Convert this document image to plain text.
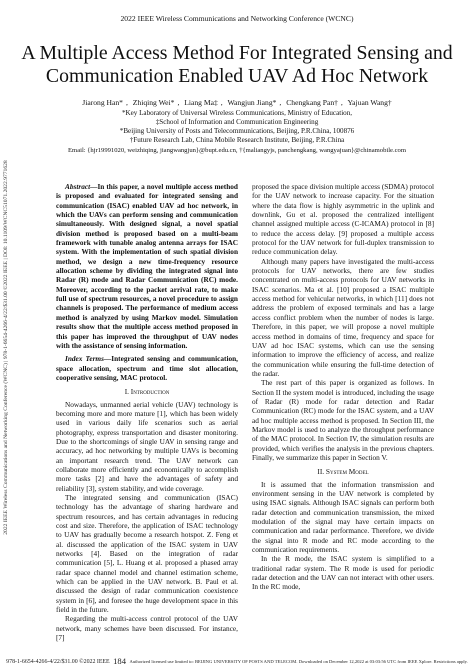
2022 IEEE Wireless Communications and Networking Conference (WCNC)
A Multiple Access Method For Integrated Sensing and Communication Enabled UAV Ad Hoc Network
Jiarong Han* , Zhiqing Wei* , Liang Ma‡ , Wangjun Jiang* , Chengkang Pan† , Yajuan Wang†
*Key Laboratory of Universal Wireless Communications, Ministry of Education,
‡School of Information and Communication Engineering
*Beijing University of Posts and Telecommunications, Beijing, P.R.China, 100876
†Future Research Lab, China Mobile Research Institute, Beijing, P.R.China
Email: {hjr19991020, weizhiqing, jiangwangjun}@bupt.edu.cn, †{maliangyjs, panchengkang, wangyajuan}@chinamobile.com
2022 IEEE Wireless Communications and Networking Conference (WCNC) | 978-1-6654-4266-4/22/$31.00 ©2022 IEEE | DOI: 10.1109/WCNC51071.2022.9771628	Abstract—In this paper, a novel multiple access method is proposed and evaluated for integrated sensing and communication (ISAC) enabled UAV ad hoc network, in which the UAVs can perform sensing and communication simultaneously. With designed signal, a novel spatial division method is proposed based on a multi-beam framework with tunable analog antenna arrays for ISAC system. With the implementation of such spatial division method, we design a new time-frequency resource allocation scheme by dividing the integrated signal into Radar (R) mode and Radar Communication (RC) mode. Moreover, according to the packet arrival rate, to make full use of spectrum resources, a novel procedure to assign channels is proposed. The performance of medium access method is analyzed by using Markov model. Simulation results show that the multiple access method proposed in this paper has improved the throughput of UAV nodes with the assistance of sensing information.

Index Terms—Integrated sensing and communication, space allocation, spectrum and time slot allocation, cooperative sensing, MAC protocol.

I. Introduction

Nowadays, unmanned aerial vehicle (UAV) technology is becoming more and more mature [1], which has been widely used in various daily life scenarios such as aerial photography, express transportation and disaster monitoring. Due to the shortcomings of single UAV in sensing range and accuracy, ad hoc networking by multiple UAVs is becoming an important research trend. The UAV network can collaborate more efficiently and economically to accomplish more tasks [2] and have the advantages of safety and reliability [3], system stability, and wide coverage.

The integrated sensing and communication (ISAC) technology has the advantage of sharing hardware and spectrum resources, and has certain advantages in reducing cost and size. Therefore, the application of ISAC technology to UAV has gradually become a research hotspot. Z. Feng et al. discussed the application of the ISAC system in UAV networks [4]. Based on the integration of radar communication [5], L. Huang et al. proposed a phased array radar space channel model and channel estimation scheme, which can be applied in the UAV network. B. Paul et al. discussed the design of radar communication coexistence system in [6], and foresee the huge development space in this field in the future.

Regarding the multi-access control protocol of the UAV network, many schemes have been discussed. For instance, [7]

proposed the space division multiple access (SDMA) protocol for the UAV network to increase capacity. For the situation where the data flow is highly asymmetric in the uplink and downlink, Gu et al. proposed the centralized intelligent channel assigned multiple access (C-ICAMA) protocol in [8] to reduce the access delay. [9] proposed a multiple access protocol for the UAV network for full-duplex transmission to reduce communication delay.

Although many papers have investigated the multi-access protocols for UAV networks, there are few studies concentrated on multi-access protocols for UAV networks in ISAC scenarios. Ma et al. [10] proposed a ISAC multiple access method for vehicular networks, in which [11] does not address the problem of exposed terminals and has a large access conflict problem when the number of nodes is large. Therefore, in this paper, we will propose a novel multiple access method in domains of time, frequency and space for UAV ad hoc ISAC systems, which can use the sensing information to improve the efficiency of access, and realize the communication while ensuring the full-time detection of the radar.

The rest part of this paper is organized as follows. In Section II the system model is introduced, including the usage of Radar (R) mode for radar detection and Radar Communication (RC) mode for the ISAC system, and a UAV ad hoc multiple access method is proposed. In Section III, the Markov model is used to analyze the throughput performance of the MAC protocol. In Section IV, the simulation results are provided, which verifies the analysis in the previous chapters. Finally, we summarize this paper in Section V.

II. System Model

It is assumed that the information transmission and environment sensing in the UAV network is completed by using ISAC signals. Although ISAC signals can perform both radar detection and communication transmission, the mixed modulation of the signal may have certain impacts on communication and radar performance. Therefore, we divide the signal into R mode and RC mode according to the communication requirements.

In the R mode, the ISAC system is simplified to a traditional radar system. The R mode is used for periodic radar detection and the UAV can not interact with other users. In the RC mode,

978-1-6654-4266-4/22/$31.00 ©2022 IEEE 184 Authorized licensed use limited to: BEIJING UNIVERSITY OF POSTS AND TELECOM. Downloaded on December 12,2022 at 03:03:56 UTC from IEEE Xplore. Restrictions apply.
